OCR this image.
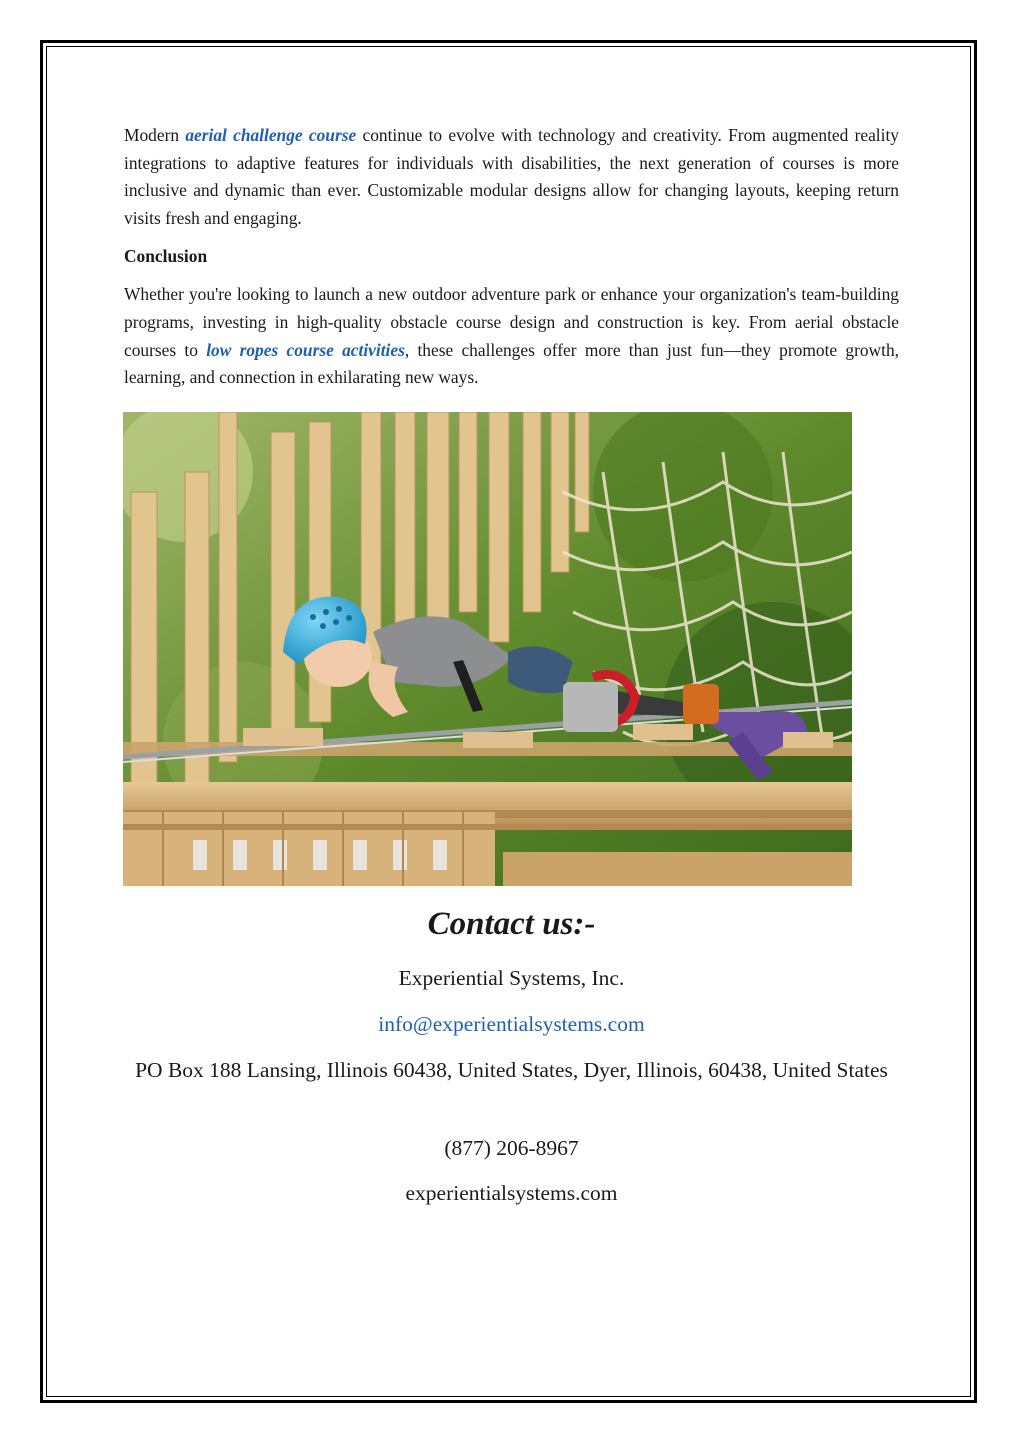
Modern aerial challenge course continue to evolve with technology and creativity. From augmented reality integrations to adaptive features for individuals with disabilities, the next generation of courses is more inclusive and dynamic than ever. Customizable modular designs allow for changing layouts, keeping return visits fresh and engaging.

Conclusion

Whether you're looking to launch a new outdoor adventure park or enhance your organization's team-building programs, investing in high-quality obstacle course design and construction is key. From aerial obstacle courses to low ropes course activities, these challenges offer more than just fun—they promote growth, learning, and connection in exhilarating new ways.

Contact us:-
Experiential Systems, Inc.
info@experientialsystems.com
PO Box 188 Lansing, Illinois 60438, United States, Dyer, Illinois, 60438, United States
(877) 206-8967
experientialsystems.com
